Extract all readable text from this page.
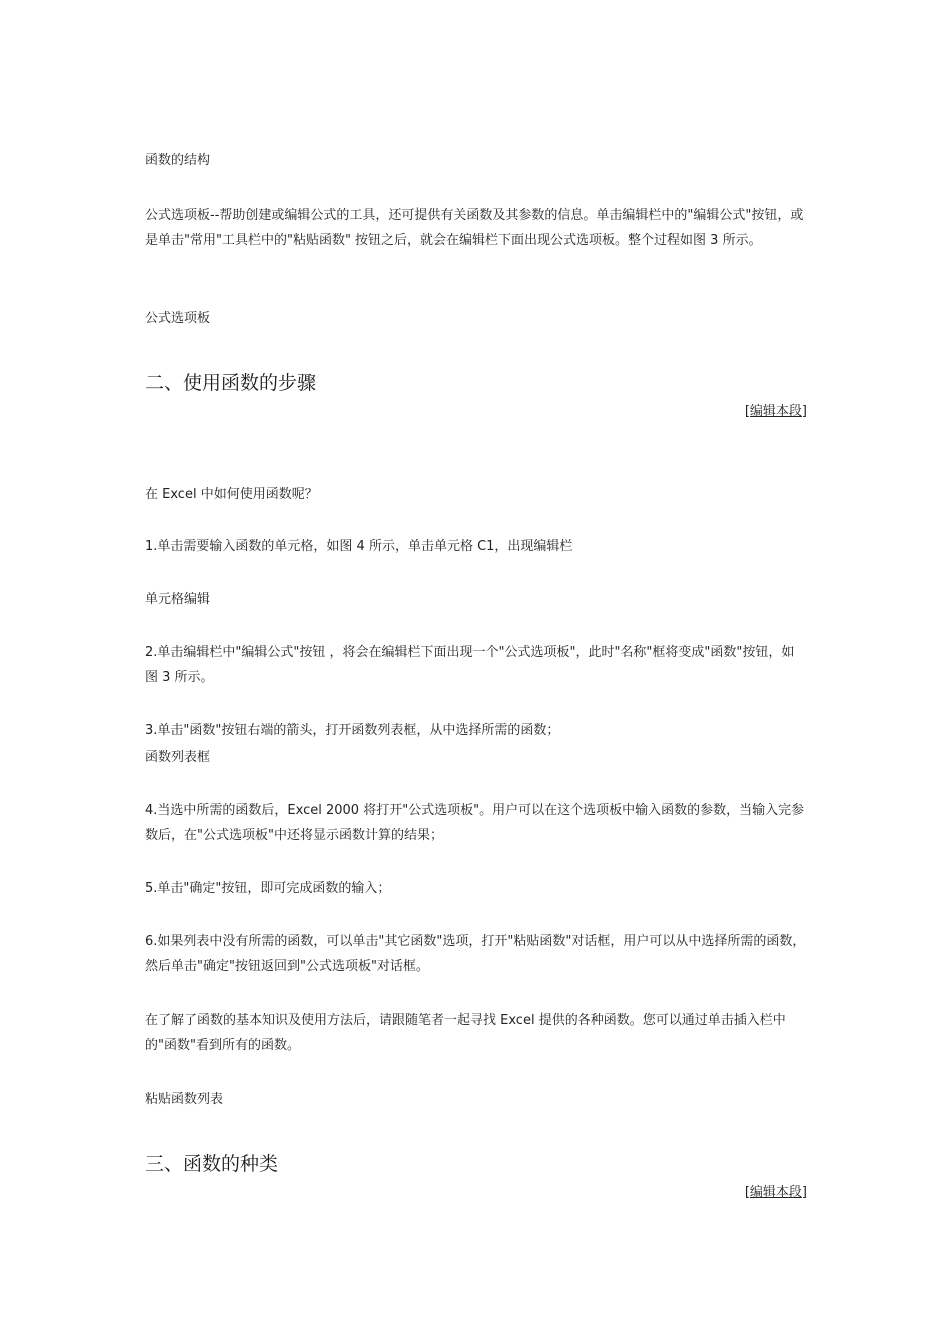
函数的结构

公式选项板--帮助创建或编辑公式的工具，还可提供有关函数及其参数的信息。单击编辑栏中的"编辑公式"按钮，或是单击"常用"工具栏中的"粘贴函数" 按钮之后，就会在编辑栏下面出现公式选项板。整个过程如图 3 所示。

公式选项板

二、使用函数的步骤
[编辑本段]

在 Excel 中如何使用函数呢？

1.单击需要输入函数的单元格，如图 4 所示，单击单元格 C1，出现编辑栏

单元格编辑

2.单击编辑栏中"编辑公式"按钮 ，将会在编辑栏下面出现一个"公式选项板"，此时"名称"框将变成"函数"按钮，如图 3 所示。

3.单击"函数"按钮右端的箭头，打开函数列表框，从中选择所需的函数；

函数列表框

4.当选中所需的函数后，Excel 2000 将打开"公式选项板"。用户可以在这个选项板中输入函数的参数，当输入完参数后，在"公式选项板"中还将显示函数计算的结果；

5.单击"确定"按钮，即可完成函数的输入；

6.如果列表中没有所需的函数，可以单击"其它函数"选项，打开"粘贴函数"对话框，用户可以从中选择所需的函数，然后单击"确定"按钮返回到"公式选项板"对话框。

在了解了函数的基本知识及使用方法后，请跟随笔者一起寻找 Excel 提供的各种函数。您可以通过单击插入栏中的"函数"看到所有的函数。

粘贴函数列表

三、函数的种类
[编辑本段]
